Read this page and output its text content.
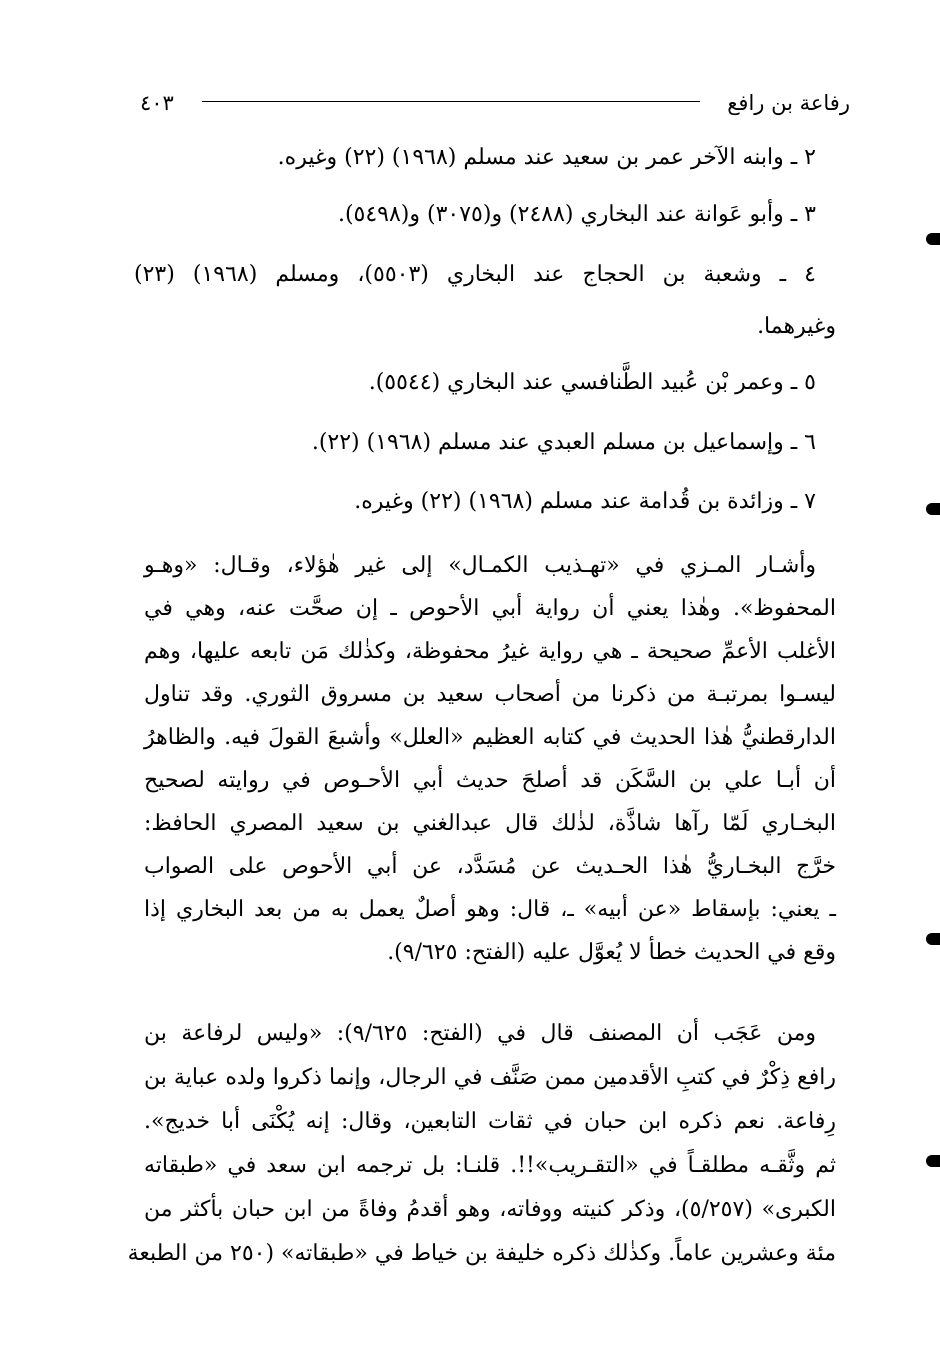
رفاعة بن رافع
٤٠٣
٢ ـ وابنه الآخر عمر بن سعيد عند مسلم (١٩٦٨) (٢٢) وغيره.
٣ ـ وأبو عَوانة عند البخاري (٢٤٨٨) و(٣٠٧٥) و(٥٤٩٨).
٤ ـ وشعبة بن الحجاج عند البخاري (٥٥٠٣)، ومسلم (١٩٦٨) (٢٣)
وغيرهما.
٥ ـ وعمر بْن عُبيد الطَّنافسي عند البخاري (٥٥٤٤).
٦ ـ وإسماعيل بن مسلم العبدي عند مسلم (١٩٦٨) (٢٢).
٧ ـ وزائدة بن قُدامة عند مسلم (١٩٦٨) (٢٢) وغيره.
وأشـار المـزي في «تهـذيب الكمـال» إلى غير هٰؤلاء، وقـال: «وهـو
المحفوظ». وهٰذا يعني أن رواية أبي الأحوص ـ إن صحَّت عنه، وهي في
الأغلب الأعمِّ صحيحة ـ هي رواية غيرُ محفوظة، وكذٰلك مَن تابعه عليها، وهم
ليسـوا بمرتبـة من ذكرنا من أصحاب سعيد بن مسروق الثوري. وقد تناول
الدارقطنيُّ هٰذا الحديث في كتابه العظيم «العلل» وأشبعَ القولَ فيه. والظاهرُ
أن أبـا علي بن السَّكَن قد أصلحَ حديث أبي الأحـوص في روايته لصحيح
البخـاري لَمّا رآها شاذَّة، لذٰلك قال عبدالغني بن سعيد المصري الحافظ:
خرَّج البخـاريُّ هٰذا الحـديث عن مُسَدَّد، عن أبي الأحوص على الصواب
ـ يعني: بإسقاط «عن أبيه» ـ، قال: وهو أصلٌ يعمل به من بعد البخاري إذا
وقع في الحديث خطأ لا يُعوَّل عليه (الفتح: ٩/٦٢٥).
ومن عَجَب أن المصنف قال في (الفتح: ٩/٦٢٥): «وليس لرفاعة بن
رافع ذِكْرٌ في كتبِ الأقدمين ممن صَنَّف في الرجال، وإنما ذكروا ولده عباية بن
رِفاعة. نعم ذكره ابن حبان في ثقات التابعين، وقال: إنه يُكْنَى أبا خديج».
ثم وثَّقـه مطلقـاً في «التقـريب»!!. قلنـا: بل ترجمه ابن سعد في «طبقاته
الكبرى» (٥/٢٥٧)، وذكر كنيته ووفاته، وهو أقدمُ وفاةً من ابن حبان بأكثر من
مئة وعشرين عاماً. وكذٰلك ذكره خليفة بن خياط في «طبقاته» (٢٥٠ من الطبعة
